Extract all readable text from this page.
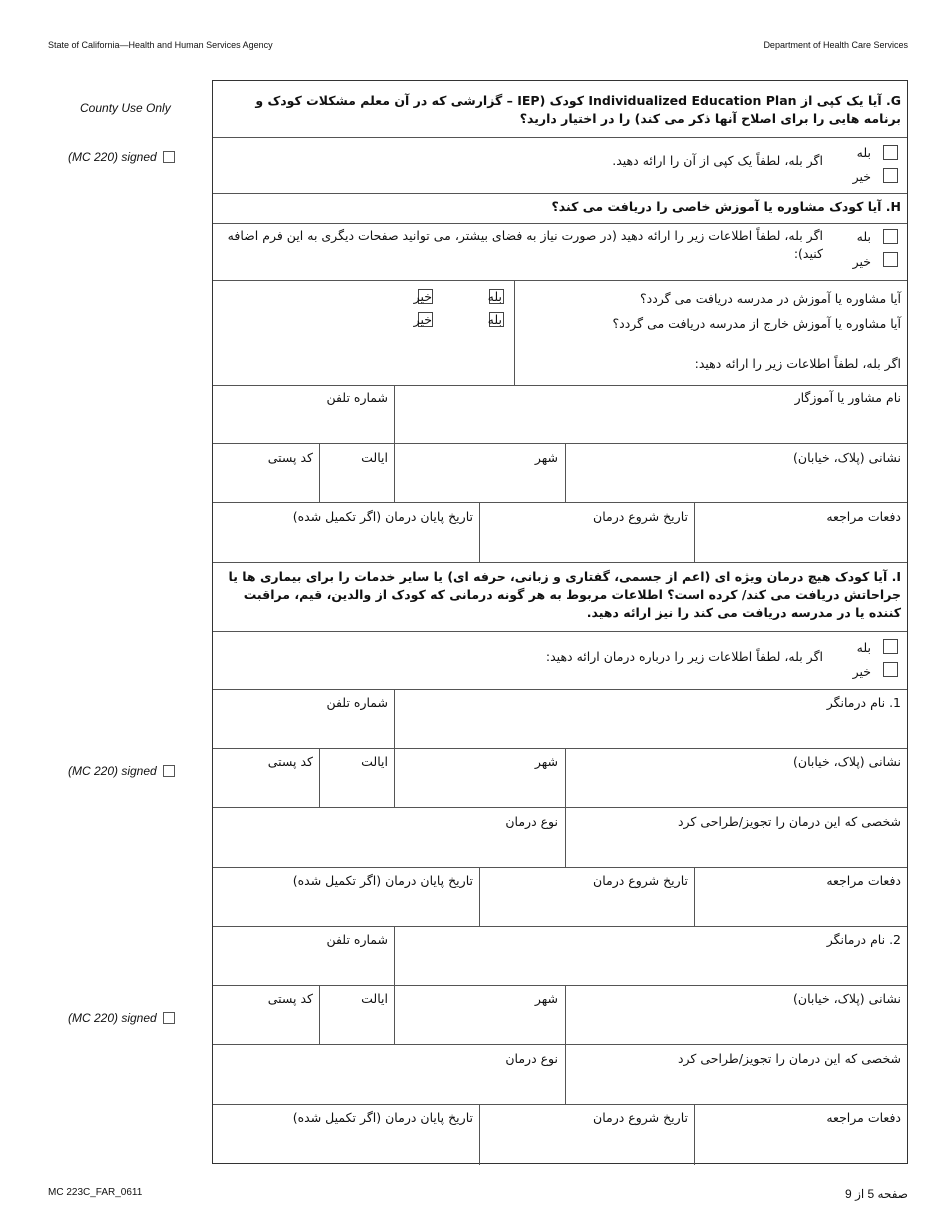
State of California—Health and Human Services Agency	Department of Health Care Services
County Use Only
(MC 220) signed
(MC 220) signed
(MC 220) signed
G. آیا یک کپی از Individualized Education Plan کودک (IEP – گزارشی که در آن معلم مشکلات کودک و برنامه هایی را برای اصلاح آنها ذکر می کند) را در اختیار دارید؟
بله
خیر
اگر بله، لطفاً یک کپی از آن را ارائه دهید.
H. آیا کودک مشاوره یا آموزش خاصی را دریافت می کند؟
بله
خیر
اگر بله، لطفاً اطلاعات زیر را ارائه دهید (در صورت نیاز به فضای بیشتر، می توانید صفحات دیگری به این فرم اضافه کنید):
آیا مشاوره یا آموزش در مدرسه دریافت می گردد؟
آیا مشاوره یا آموزش خارج از مدرسه دریافت می گردد؟
اگر بله، لطفاً اطلاعات زیر را ارائه دهید:
بله
خیر
بله
خیر
نام مشاور یا آموزگار
شماره تلفن
نشانی (پلاک، خیابان)
شهر
ایالت
کد پستی
دفعات مراجعه
تاریخ شروع درمان
تاریخ پایان درمان (اگر تکمیل شده)
I. آیا کودک هیچ درمان ویژه ای (اعم از جسمی، گفتاری و زبانی، حرفه ای) یا سایر خدمات را برای بیماری ها یا جراحاتش دریافت می کند/ کرده است؟ اطلاعات مربوط به هر گونه درمانی که کودک از والدین، قیم، مراقبت کننده یا در مدرسه دریافت می کند را نیز ارائه دهید.
بله
خیر
اگر بله، لطفاً اطلاعات زیر را درباره درمان ارائه دهید:
1. نام درمانگر
شماره تلفن
نشانی (پلاک، خیابان)
شهر
ایالت
کد پستی
شخصی که این درمان را تجویز/طراحی کرد
نوع درمان
دفعات مراجعه
تاریخ شروع درمان
تاریخ پایان درمان (اگر تکمیل شده)
2. نام درمانگر
شماره تلفن
نشانی (پلاک، خیابان)
شهر
ایالت
کد پستی
شخصی که این درمان را تجویز/طراحی کرد
نوع درمان
دفعات مراجعه
تاریخ شروع درمان
تاریخ پایان درمان (اگر تکمیل شده)
MC 223C_FAR_0611	صفحه 5 از 9
